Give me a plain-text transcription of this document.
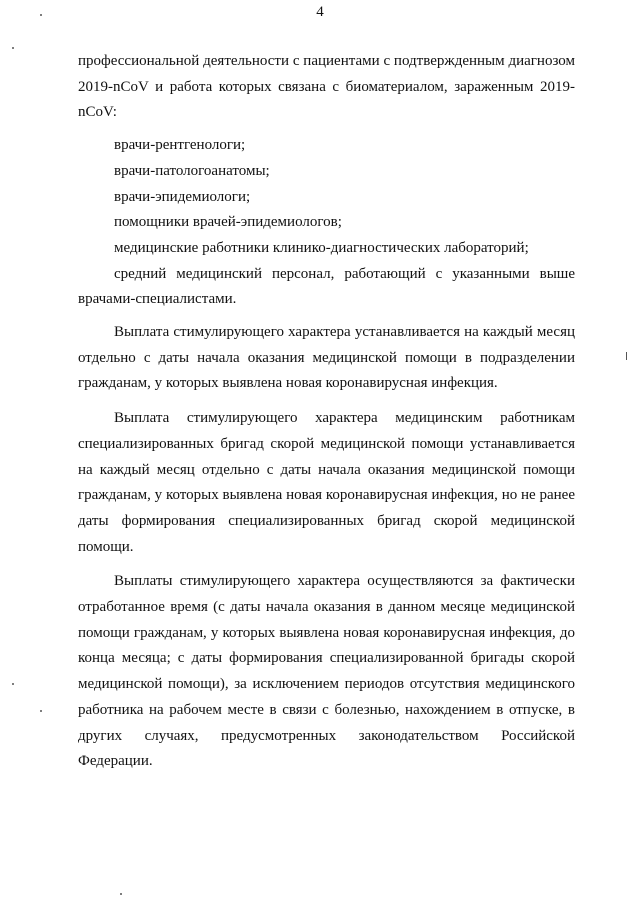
4

профессиональной деятельности с пациентами с подтвержденным диагнозом 2019-nCoV и работа которых связана с биоматериалом, зараженным 2019-nCoV:

врачи-рентгенологи;

врачи-патологоанатомы;

врачи-эпидемиологи;

помощники врачей-эпидемиологов;

медицинские работники клинико-диагностических лабораторий;

средний медицинский персонал, работающий с указанными выше врачами-специалистами.

Выплата стимулирующего характера устанавливается на каждый месяц отдельно с даты начала оказания медицинской помощи в подразделении гражданам, у которых выявлена новая коронавирусная инфекция.

Выплата стимулирующего характера медицинским работникам специализированных бригад скорой медицинской помощи устанавливается на каждый месяц отдельно с даты начала оказания медицинской помощи гражданам, у которых выявлена новая коронавирусная инфекция, но не ранее даты формирования специализированных бригад скорой медицинской помощи.

Выплаты стимулирующего характера осуществляются за фактически отработанное время (с даты начала оказания в данном месяце медицинской помощи гражданам, у которых выявлена новая коронавирусная инфекция, до конца месяца; с даты формирования специализированной бригады скорой медицинской помощи), за исключением периодов отсутствия медицинского работника на рабочем месте в связи с болезнью, нахождением в отпуске, в других случаях, предусмотренных законодательством Российской Федерации.
